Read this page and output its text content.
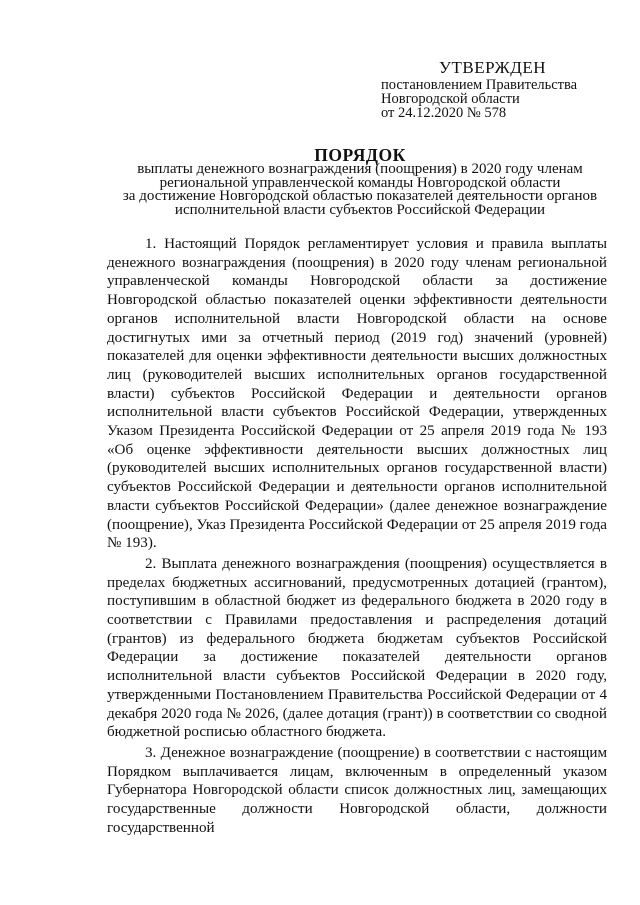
УТВЕРЖДЕН
постановлением Правительства
Новгородской области
от 24.12.2020 № 578
ПОРЯДОК
выплаты денежного вознаграждения (поощрения) в 2020 году членам
региональной управленческой команды Новгородской области
за достижение Новгородской областью показателей деятельности органов
исполнительной власти субъектов Российской Федерации

1. Настоящий Порядок регламентирует условия и правила выплаты денежного вознаграждения (поощрения) в 2020 году членам региональной управленческой команды Новгородской области за достижение Новгородской областью показателей оценки эффективности деятельности органов исполнительной власти Новгородской области на основе достигнутых ими за отчетный период (2019 год) значений (уровней) показателей для оценки эффективности деятельности высших должностных лиц (руководителей высших исполнительных органов государственной власти) субъектов Российской Федерации и деятельности органов исполнительной власти субъектов Российской Федерации, утвержденных Указом Президента Российской Федерации от 25 апреля 2019 года № 193 «Об оценке эффективности деятельности высших должностных лиц (руководителей высших исполнительных органов государственной власти) субъектов Российской Федерации и деятельности органов исполнительной власти субъектов Российской Федерации» (далее денежное вознаграждение (поощрение), Указ Президента Российской Федерации от 25 апреля 2019 года № 193).

2. Выплата денежного вознаграждения (поощрения) осуществляется в пределах бюджетных ассигнований, предусмотренных дотацией (грантом), поступившим в областной бюджет из федерального бюджета в 2020 году в соответствии с Правилами предоставления и распределения дотаций (грантов) из федерального бюджета бюджетам субъектов Российской Федерации за достижение показателей деятельности органов исполнительной власти субъектов Российской Федерации в 2020 году, утвержденными Постановлением Правительства Российской Федерации от 4 декабря 2020 года № 2026, (далее дотация (грант)) в соответствии со сводной бюджетной росписью областного бюджета.

3. Денежное вознаграждение (поощрение) в соответствии с настоящим Порядком выплачивается лицам, включенным в определенный указом Губернатора Новгородской области список должностных лиц, замещающих государственные должности Новгородской области, должности государственной
